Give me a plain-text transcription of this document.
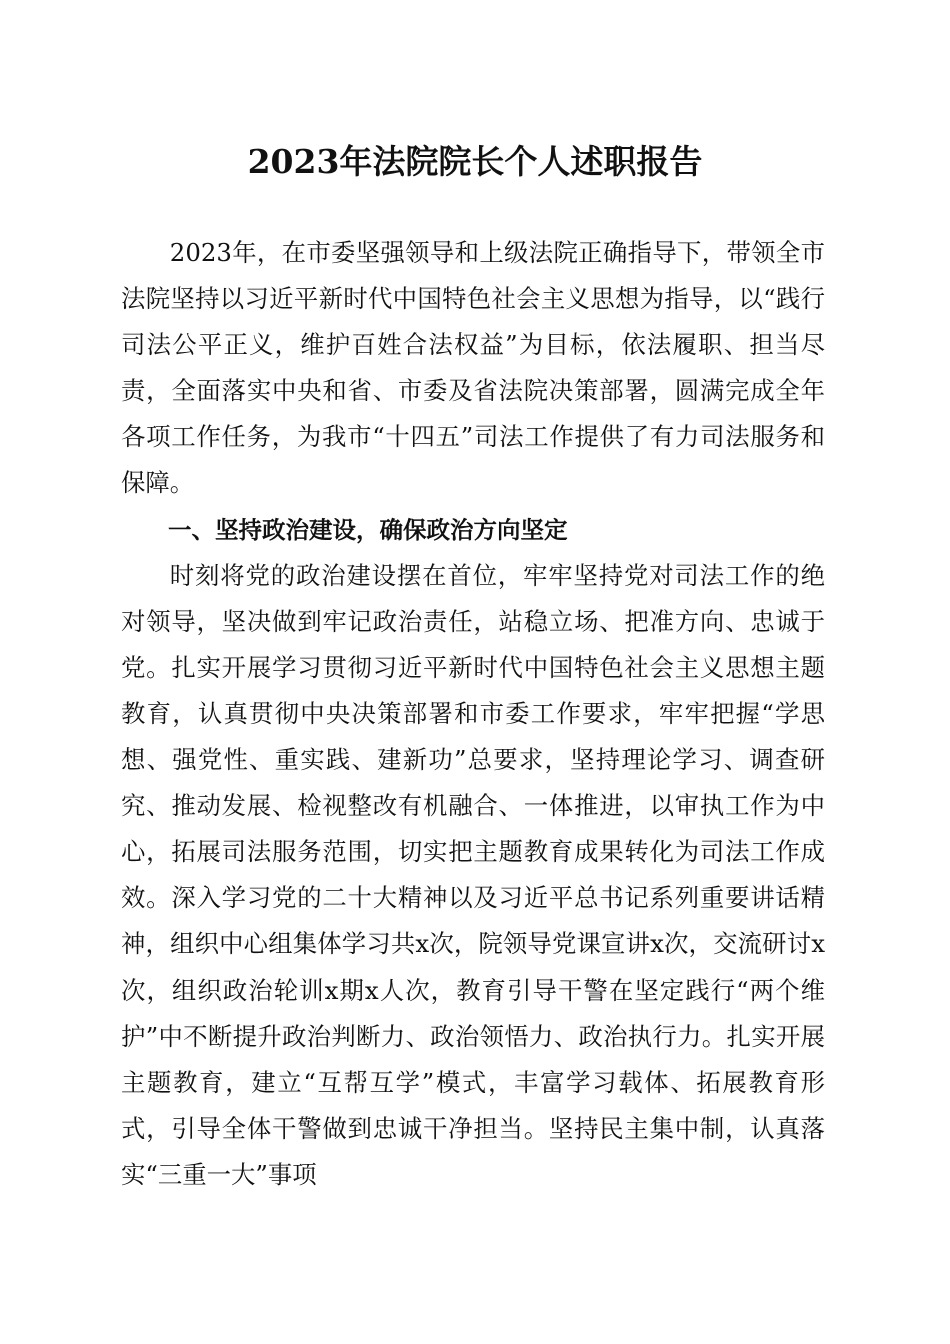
2023年法院院长个人述职报告

2023年，在市委坚强领导和上级法院正确指导下，带领全市法院坚持以习近平新时代中国特色社会主义思想为指导，以“践行司法公平正义，维护百姓合法权益”为目标，依法履职、担当尽责，全面落实中央和省、市委及省法院决策部署，圆满完成全年各项工作任务，为我市“十四五”司法工作提供了有力司法服务和保障。

一、坚持政治建设，确保政治方向坚定

时刻将党的政治建设摆在首位，牢牢坚持党对司法工作的绝对领导，坚决做到牢记政治责任，站稳立场、把准方向、忠诚于党。扎实开展学习贯彻习近平新时代中国特色社会主义思想主题教育，认真贯彻中央决策部署和市委工作要求，牢牢把握“学思想、强党性、重实践、建新功”总要求，坚持理论学习、调查研究、推动发展、检视整改有机融合、一体推进，以审执工作为中心，拓展司法服务范围，切实把主题教育成果转化为司法工作成效。深入学习党的二十大精神以及习近平总书记系列重要讲话精神，组织中心组集体学习共x次，院领导党课宣讲x次，交流研讨x次，组织政治轮训x期x人次，教育引导干警在坚定践行“两个维护”中不断提升政治判断力、政治领悟力、政治执行力。扎实开展主题教育，建立“互帮互学”模式，丰富学习载体、拓展教育形式，引导全体干警做到忠诚干净担当。坚持民主集中制，认真落实“三重一大”事项
